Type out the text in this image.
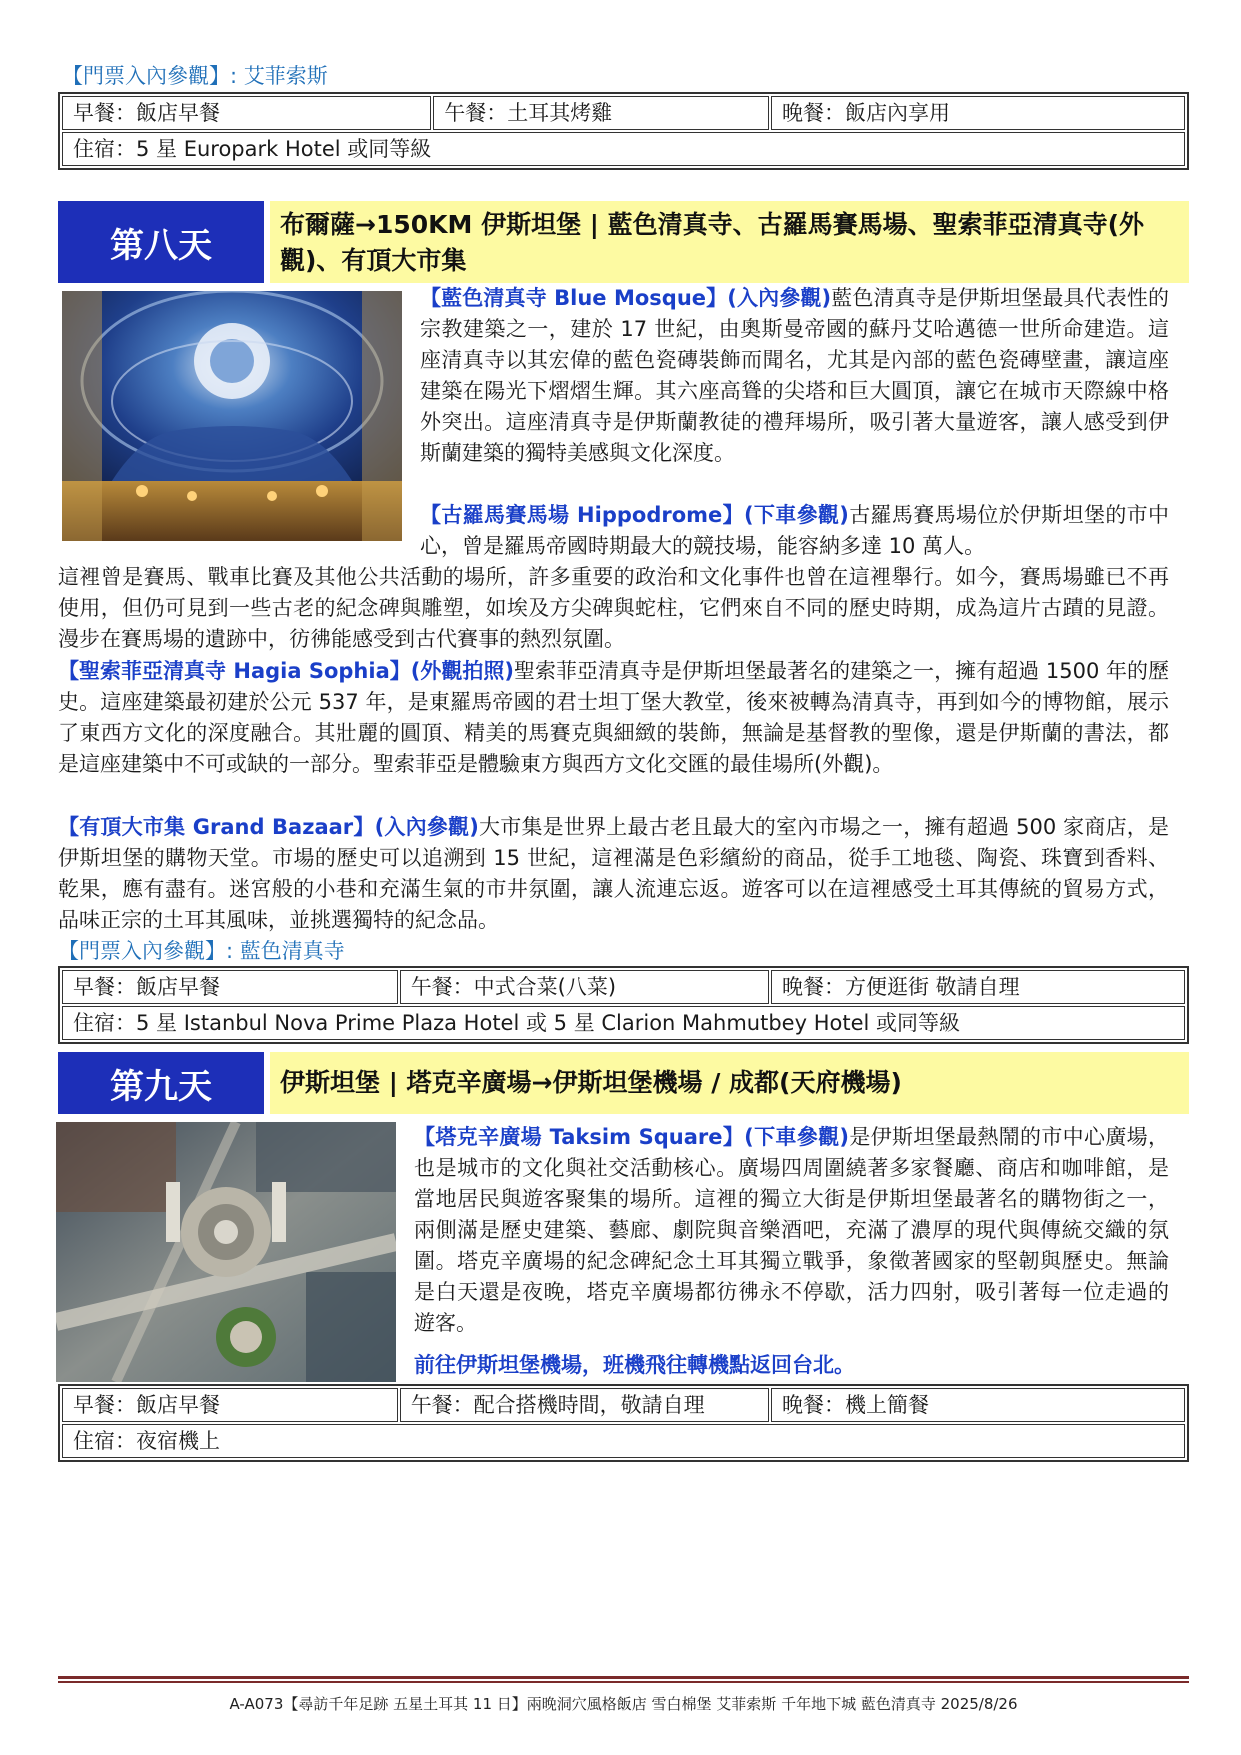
【門票入內參觀】: 艾菲索斯
早餐：飯店早餐	午餐：土耳其烤雞	晚餐：飯店內享用
住宿：5 星 Europark Hotel 或同等級
第八天
布爾薩→150KM 伊斯坦堡 | 藍色清真寺、古羅馬賽馬場、聖索菲亞清真寺(外觀)、有頂大市集
【藍色清真寺 Blue Mosque】(入內參觀)藍色清真寺是伊斯坦堡最具代表性的宗教建築之一，建於 17 世紀，由奧斯曼帝國的蘇丹艾哈邁德一世所命建造。這座清真寺以其宏偉的藍色瓷磚裝飾而聞名，尤其是內部的藍色瓷磚壁畫，讓這座建築在陽光下熠熠生輝。其六座高聳的尖塔和巨大圓頂，讓它在城市天際線中格外突出。這座清真寺是伊斯蘭教徒的禮拜場所，吸引著大量遊客，讓人感受到伊斯蘭建築的獨特美感與文化深度。
【古羅馬賽馬場 Hippodrome】(下車參觀)古羅馬賽馬場位於伊斯坦堡的市中心，曾是羅馬帝國時期最大的競技場，能容納多達 10 萬人。
這裡曾是賽馬、戰車比賽及其他公共活動的場所，許多重要的政治和文化事件也曾在這裡舉行。如今，賽馬場雖已不再使用，但仍可見到一些古老的紀念碑與雕塑，如埃及方尖碑與蛇柱，它們來自不同的歷史時期，成為這片古蹟的見證。漫步在賽馬場的遺跡中，彷彿能感受到古代賽事的熱烈氛圍。
【聖索菲亞清真寺 Hagia Sophia】(外觀拍照)聖索菲亞清真寺是伊斯坦堡最著名的建築之一，擁有超過 1500 年的歷史。這座建築最初建於公元 537 年，是東羅馬帝國的君士坦丁堡大教堂，後來被轉為清真寺，再到如今的博物館，展示了東西方文化的深度融合。其壯麗的圓頂、精美的馬賽克與細緻的裝飾，無論是基督教的聖像，還是伊斯蘭的書法，都是這座建築中不可或缺的一部分。聖索菲亞是體驗東方與西方文化交匯的最佳場所(外觀)。
【有頂大市集 Grand Bazaar】(入內參觀)大市集是世界上最古老且最大的室內市場之一，擁有超過 500 家商店，是伊斯坦堡的購物天堂。市場的歷史可以追溯到 15 世紀，這裡滿是色彩繽紛的商品，從手工地毯、陶瓷、珠寶到香料、乾果，應有盡有。迷宮般的小巷和充滿生氣的市井氛圍，讓人流連忘返。遊客可以在這裡感受土耳其傳統的貿易方式，品味正宗的土耳其風味，並挑選獨特的紀念品。
【門票入內參觀】: 藍色清真寺
早餐：飯店早餐	午餐：中式合菜(八菜)	晚餐：方便逛街 敬請自理
住宿：5 星 Istanbul Nova Prime Plaza Hotel 或 5 星 Clarion Mahmutbey Hotel 或同等級
第九天	伊斯坦堡 | 塔克辛廣場→伊斯坦堡機場 / 成都(天府機場)
【塔克辛廣場 Taksim Square】(下車參觀)是伊斯坦堡最熱鬧的市中心廣場，也是城市的文化與社交活動核心。廣場四周圍繞著多家餐廳、商店和咖啡館，是當地居民與遊客聚集的場所。這裡的獨立大街是伊斯坦堡最著名的購物街之一，兩側滿是歷史建築、藝廊、劇院與音樂酒吧，充滿了濃厚的現代與傳統交織的氛圍。塔克辛廣場的紀念碑紀念土耳其獨立戰爭，象徵著國家的堅韌與歷史。無論是白天還是夜晚，塔克辛廣場都彷彿永不停歇，活力四射，吸引著每一位走過的遊客。
前往伊斯坦堡機場，班機飛往轉機點返回台北。
早餐：飯店早餐	午餐：配合搭機時間，敬請自理	晚餐：機上簡餐
住宿：夜宿機上
A-A073【尋訪千年足跡 五星土耳其 11 日】兩晚洞穴風格飯店 雪白棉堡 艾菲索斯 千年地下城 藍色清真寺 2025/8/26
